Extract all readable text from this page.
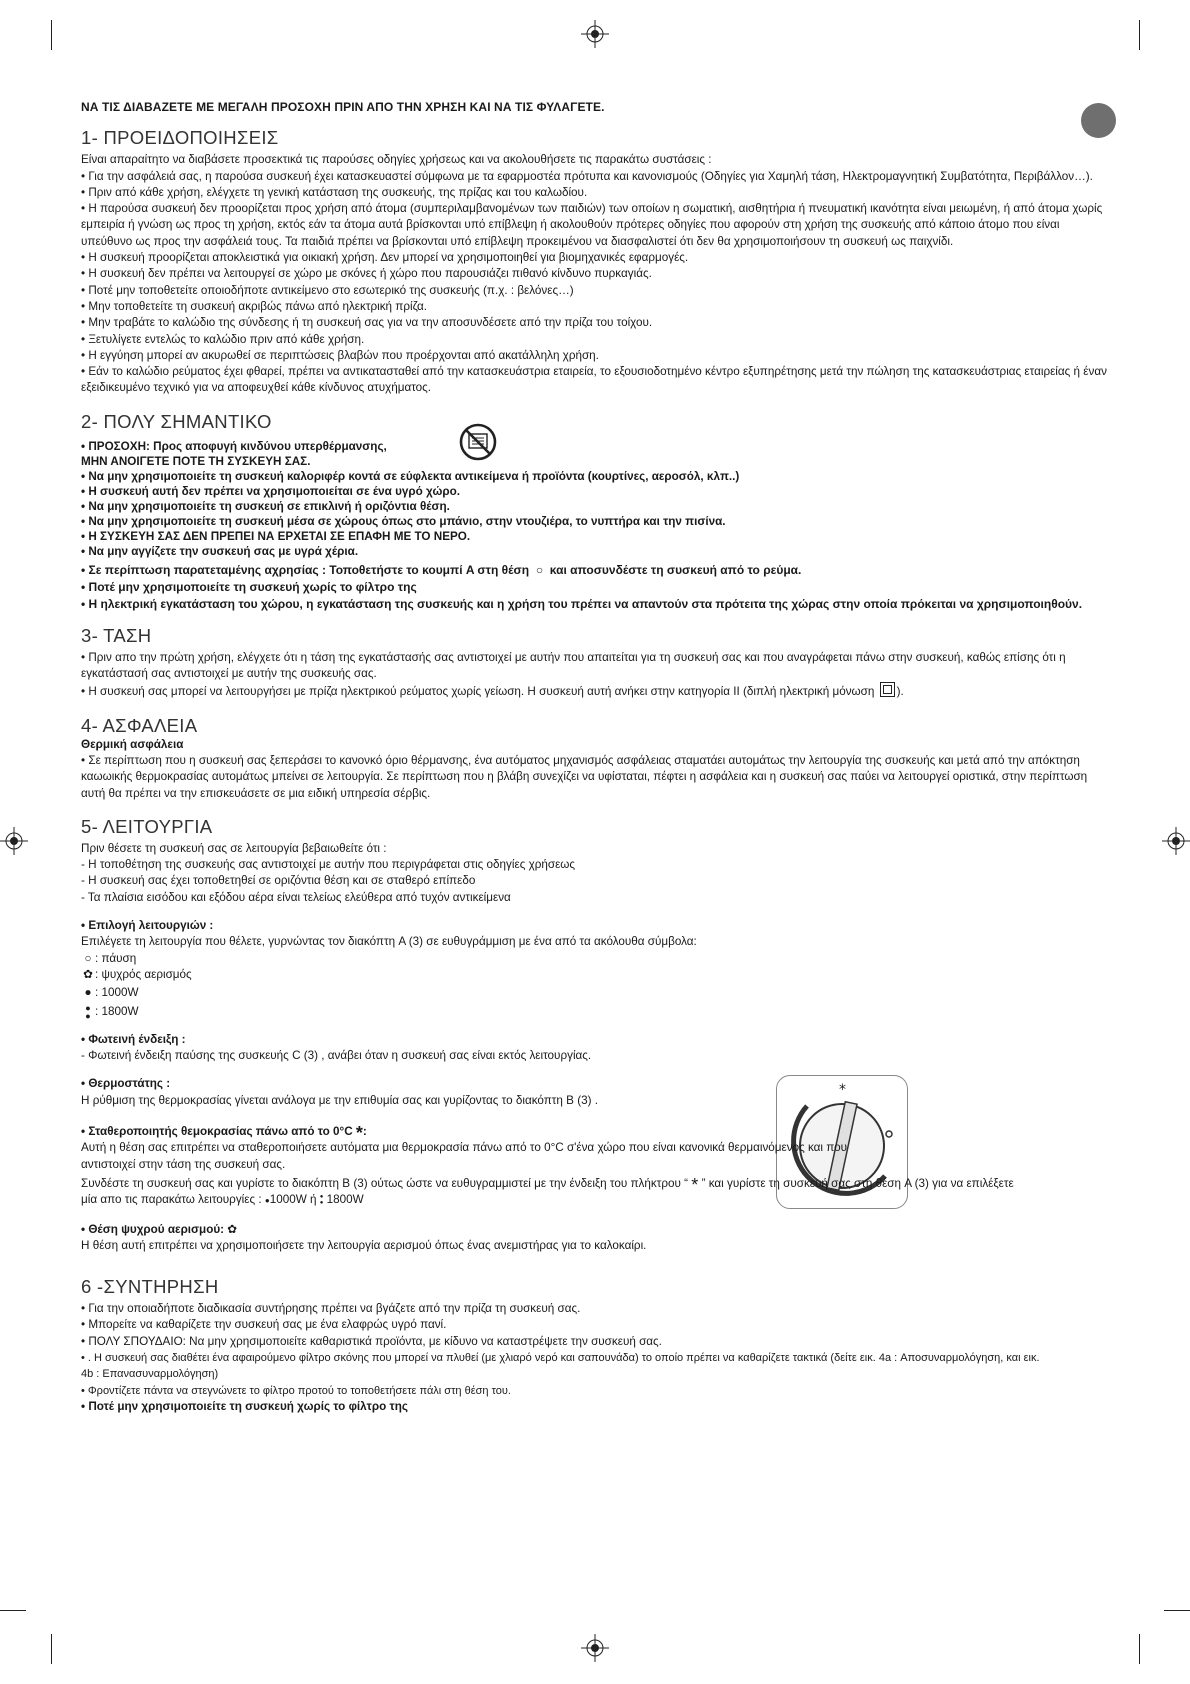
*

ΝΑ ΤΙΣ ΔΙΑΒΑΖΕΤΕ ΜΕ ΜΕΓΑΛΗ ΠΡΟΣΟΧΗ ΠΡΙΝ ΑΠΟ ΤΗΝ ΧΡΗΣΗ ΚΑΙ ΝΑ ΤΙΣ ΦΥΛΑΓΕΤΕ.

1- ΠΡΟΕΙΔΟΠΟΙΗΣΕΙΣ

Είναι απαραίτητο να διαβάσετε προσεκτικά τις παρούσες οδηγίες χρήσεως και να ακολουθήσετε τις παρακάτω συστάσεις :

• Για την ασφάλειά σας, η παρούσα συσκευή έχει κατασκευαστεί σύμφωνα με τα εφαρμοστέα πρότυπα και κανονισμούς (Οδηγίες για Χαμηλή τάση, Ηλεκτρομαγνητική Συμβατότητα, Περιβάλλον…).

• Πριν από κάθε χρήση, ελέγχετε τη γενική κατάσταση της συσκευής, της πρίζας και του καλωδίου.

• Η παρούσα συσκευή δεν προορίζεται προς χρήση από άτομα (συμπεριλαμβανομένων των παιδιών) των οποίων η σωματική, αισθητήρια ή πνευματική ικανότητα είναι μειωμένη, ή από άτομα χωρίς εμπειρία ή γνώση ως προς τη χρήση, εκτός εάν τα άτομα αυτά βρίσκονται υπό επίβλεψη ή ακολουθούν πρότερες οδηγίες που αφορούν στη χρήση της συσκευής από κάποιο άτομο που είναι υπεύθυνο ως προς την ασφάλειά τους. Τα παιδιά πρέπει να βρίσκονται υπό επίβλεψη προκειμένου να διασφαλιστεί ότι δεν θα χρησιμοποιήσουν τη συσκευή ως παιχνίδι.

• Η συσκευή προορίζεται αποκλειστικά για οικιακή χρήση. Δεν μπορεί να χρησιμοποιηθεί για βιομηχανικές εφαρμογές.

• Η συσκευή δεν πρέπει να λειτουργεί σε χώρο με σκόνες ή χώρο που παρουσιάζει πιθανό κίνδυνο πυρκαγιάς.

• Ποτέ μην τοποθετείτε οποιοδήποτε αντικείμενο στο εσωτερικό της συσκευής (π.χ. : βελόνες…)

• Μην τοποθετείτε τη συσκευή ακριβώς πάνω από ηλεκτρική πρίζα.

• Μην τραβάτε το καλώδιο της σύνδεσης ή τη συσκευή σας για να την αποσυνδέσετε από την πρίζα του τοίχου.

• Ξετυλίγετε εντελώς το καλώδιο πριν από κάθε χρήση.

• Η εγγύηση μπορεί αν ακυρωθεί σε περιπτώσεις βλαβών που προέρχονται από ακατάλληλη χρήση.

• Εάν το καλώδιο ρεύματος έχει φθαρεί, πρέπει να αντικατασταθεί από την κατασκευάστρια εταιρεία, το εξουσιοδοτημένο κέντρο εξυπηρέτησης μετά την πώληση της κατασκευάστριας εταιρείας ή έναν εξειδικευμένο τεχνικό για να αποφευχθεί κάθε κίνδυνος ατυχήματος.

2- ΠΟΛΥ ΣΗΜΑΝΤΙΚΟ

• ΠΡΟΣΟΧΗ: Προς αποφυγή κινδύνου υπερθέρμανσης,

ΜΗΝ ΑΝΟΙΓΕΤΕ ΠΟΤΕ ΤΗ ΣΥΣΚΕΥΗ ΣΑΣ.

• Να μην χρησιμοποιείτε τη συσκευή καλοριφέρ κοντά σε εύφλεκτα αντικείμενα ή προϊόντα (κουρτίνες, αεροσόλ, κλπ..)

• Η συσκευή αυτή δεν πρέπει να χρησιμοποιείται σε ένα υγρό χώρο.

• Να μην χρησιμοποιείτε τη συσκευή σε επικλινή ή οριζόντια θέση.

• Να μην χρησιμοποιείτε τη συσκευή μέσα σε χώρους όπως στο μπάνιο, στην ντουζιέρα, το νυπτήρα και την πισίνα.

• Η ΣΥΣΚΕΥΗ ΣΑΣ ΔΕΝ ΠΡΕΠΕΙ ΝΑ ΕΡΧΕΤΑΙ ΣΕ ΕΠΑΦΗ ΜΕ ΤΟ ΝΕΡΟ.

• Να μην αγγίζετε την συσκευή σας με υγρά χέρια.

• Σε περίπτωση παρατεταμένης αχρησίας : Τοποθετήστε το κουμπί A στη θέση ○ και αποσυνδέστε τη συσκευή από το ρεύμα.

• Ποτέ μην χρησιμοποιείτε τη συσκευή χωρίς το φίλτρο της

• Η ηλεκτρική εγκατάσταση του χώρου, η εγκατάσταση της συσκευής και η χρήση του πρέπει να απαντούν στα πρότειτα της χώρας στην οποία πρόκειται να χρησιμοποιηθούν.

3- ΤΑΣΗ

• Πριν απο την πρώτη χρήση, ελέγχετε ότι η τάση της εγκατάστασής σας αντιστοιχεί με αυτήν που απαιτείται για τη συσκευή σας και που αναγράφεται πάνω στην συσκευή, καθώς επίσης ότι η εγκατάστασή σας αντιστοιχεί με αυτήν της συσκευής σας.

• Η συσκευή σας μπορεί να λειτουργήσει με πρίζα ηλεκτρικού ρεύματος χωρίς γείωση. Η συσκευή αυτή ανήκει στην κατηγορία II (διπλή ηλεκτρική μόνωση ).

4- ΑΣΦΑΛΕΙΑ

Θερμική ασφάλεια

• Σε περίπτωση που η συσκευή σας ξεπεράσει το κανονκό όριο θέρμανσης, ένα αυτόματος μηχανισμός ασφάλειας σταματάει αυτομάτως την λειτουργία της συσκευής και μετά από την απόκτηση καωωικής θερμοκρασίας αυτομάτως μπείνει σε λειτουργία. Σε περίπτωση που η βλάβη συνεχίζει να υφίσταται, πέφτει η ασφάλεια και η συσκευή σας παύει να λειτουργεί οριστικά, στην περίπτωση αυτή θα πρέπει να την επισκευάσετε σε μια ειδική υπηρεσία σέρβις.

5- ΛΕΙΤΟΥΡΓΙΑ

Πριν θέσετε τη συσκευή σας σε λειτουργία βεβαιωθείτε ότι :

- Η τοποθέτηση της συσκευής σας αντιστοιχεί με αυτήν που περιγράφεται στις οδηγίες χρήσεως

- Η συσκευή σας έχει τοποθετηθεί σε οριζόντια θέση και σε σταθερό επίπεδο

- Τα πλαίσια εισόδου και εξόδου αέρα είναι τελείως ελεύθερα από τυχόν αντικείμενα

• Επιλογή λειτουργιών :

Επιλέγετε τη λειτουργία που θέλετε, γυρνώντας τον διακόπτη A (3) σε ευθυγράμμιση με ένα από τα ακόλουθα σύμβολα:

○ : πάυση

✿ : ψυχρός αερισμός

● : 1000W

●
● : 1800W

• Φωτεινή ένδειξη :

- Φωτεινή ένδειξη παύσης της συσκευής C (3) , ανάβει όταν η συσκευή σας είναι εκτός λειτουργίας.

• Θερμοστάτης :

Η ρύθμιση της θερμοκρασίας γίνεται ανάλογα με την επιθυμία σας και γυρίζοντας το διακόπτη B (3) .

• Σταθεροποιητής θεμοκρασίας πάνω από το 0°C *:

Αυτή η θέση σας επιτρέπει να σταθεροποιήσετε αυτόματα μια θερμοκρασία πάνω από το 0°C σ'ένα χώρο που είναι κανονικά θερμαινόμενος και που αντιστοιχεί στην τάση της συσκευή σας.

Συνδέστε τη συσκευή σας και γυρίστε το διακόπτη B (3) ούτως ώστε να ευθυγραμμιστεί με την ένδειξη του πλήκτρου “ * ” και γυρίστε τη συσκευή σας στη θέση A (3) για να επιλέξετε μία απο τις παρακάτω λειτουργίες : ●1000W ή ●
● 1800W

• Θέση ψυχρού αερισμού: ✿

Η θέση αυτή επιτρέπει να χρησιμοποιήσετε την λειτουργία αερισμού όπως ένας ανεμιστήρας για το καλοκαίρι.

6 -ΣΥΝΤΗΡΗΣΗ

• Για την οποιαδήποτε διαδικασία συντήρησης πρέπει να βγάζετε από την πρίζα τη συσκευή σας.

• Μπορείτε να καθαρίζετε την συσκευή σας με ένα ελαφρώς υγρό πανί.

• ΠΟΛΥ ΣΠΟΥΔΑΙΟ: Να μην χρησιμοποιείτε καθαριστικά προϊόντα, με κίδυνο να καταστρέψετε την συσκευή σας.

• . Η συσκευή σας διαθέτει ένα αφαιρούμενο φίλτρο σκόνης που μπορεί να πλυθεί (με χλιαρό νερό και σαπουνάδα) το οποίο πρέπει να καθαρίζετε τακτικά (δείτε εικ. 4a : Αποσυναρμολόγηση, και εικ. 4b : Επανασυναρμολόγηση)

• Φροντίζετε πάντα να στεγνώνετε το φίλτρο προτού το τοποθετήσετε πάλι στη θέση του.

• Ποτέ μην χρησιμοποιείτε τη συσκευή χωρίς το φίλτρο της
